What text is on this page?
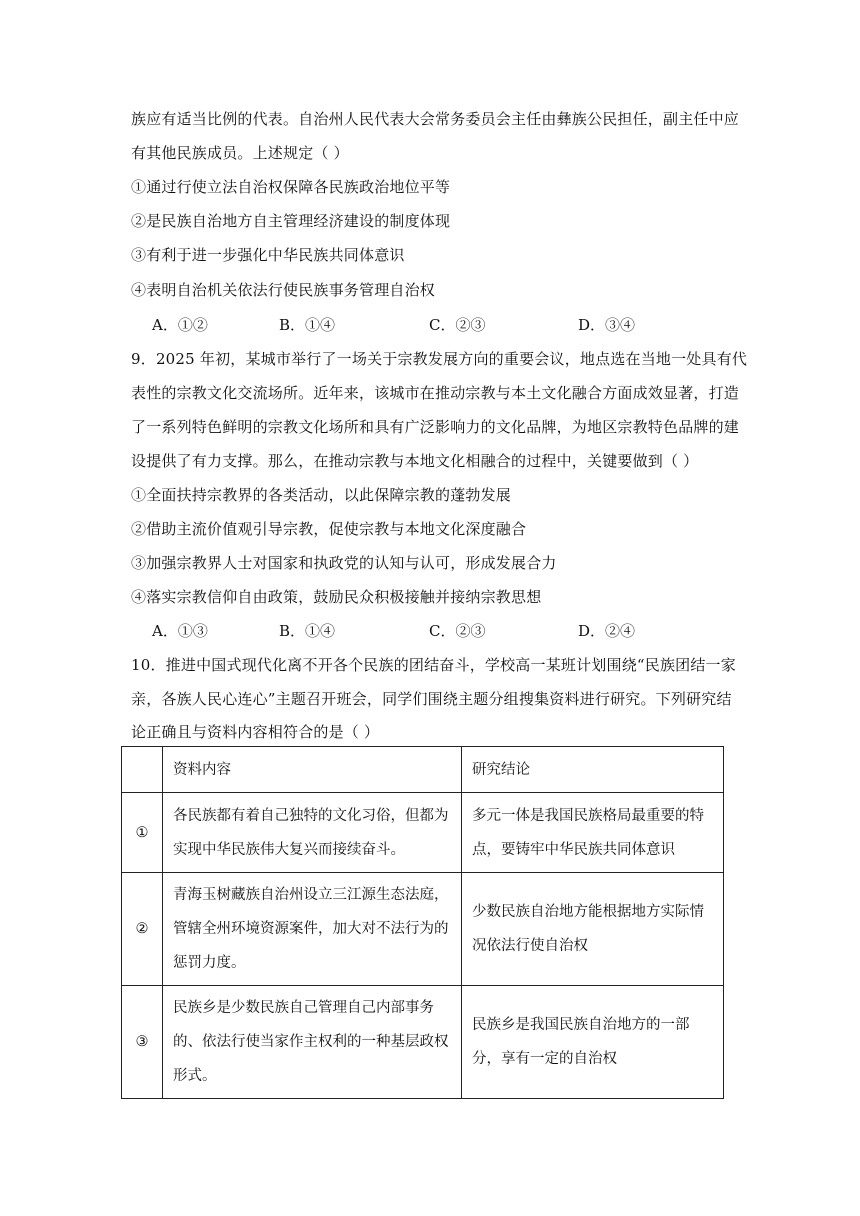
族应有适当比例的代表。自治州人民代表大会常务委员会主任由彝族公民担任，副主任中应
有其他民族成员。上述规定（ ）
①通过行使立法自治权保障各民族政治地位平等
②是民族自治地方自主管理经济建设的制度体现
③有利于进一步强化中华民族共同体意识
④表明自治机关依法行使民族事务管理自治权
A．①②	B．①④	C．②③	D．③④
9．2025 年初，某城市举行了一场关于宗教发展方向的重要会议，地点选在当地一处具有代
表性的宗教文化交流场所。近年来，该城市在推动宗教与本土文化融合方面成效显著，打造
了一系列特色鲜明的宗教文化场所和具有广泛影响力的文化品牌，为地区宗教特色品牌的建
设提供了有力支撑。那么，在推动宗教与本地文化相融合的过程中，关键要做到（ ）
①全面扶持宗教界的各类活动，以此保障宗教的蓬勃发展
②借助主流价值观引导宗教，促使宗教与本地文化深度融合
③加强宗教界人士对国家和执政党的认知与认可，形成发展合力
④落实宗教信仰自由政策，鼓励民众积极接触并接纳宗教思想
A．①③	B．①④	C．②③	D．②④
10．推进中国式现代化离不开各个民族的团结奋斗，学校高一某班计划围绕“民族团结一家
亲，各族人民心连心”主题召开班会，同学们围绕主题分组搜集资料进行研究。下列研究结
论正确且与资料内容相符合的是（ ）
	资料内容	研究结论
①	各民族都有着自己独特的文化习俗，但都为实现中华民族伟大复兴而接续奋斗。	多元一体是我国民族格局最重要的特点，要铸牢中华民族共同体意识

②	青海玉树藏族自治州设立三江源生态法庭，管辖全州环境资源案件，加大对不法行为的惩罚力度。	少数民族自治地方能根据地方实际情况依法行使自治权

③	民族乡是少数民族自己管理自己内部事务的、依法行使当家作主权利的一种基层政权形式。	民族乡是我国民族自治地方的一部分，享有一定的自治权
